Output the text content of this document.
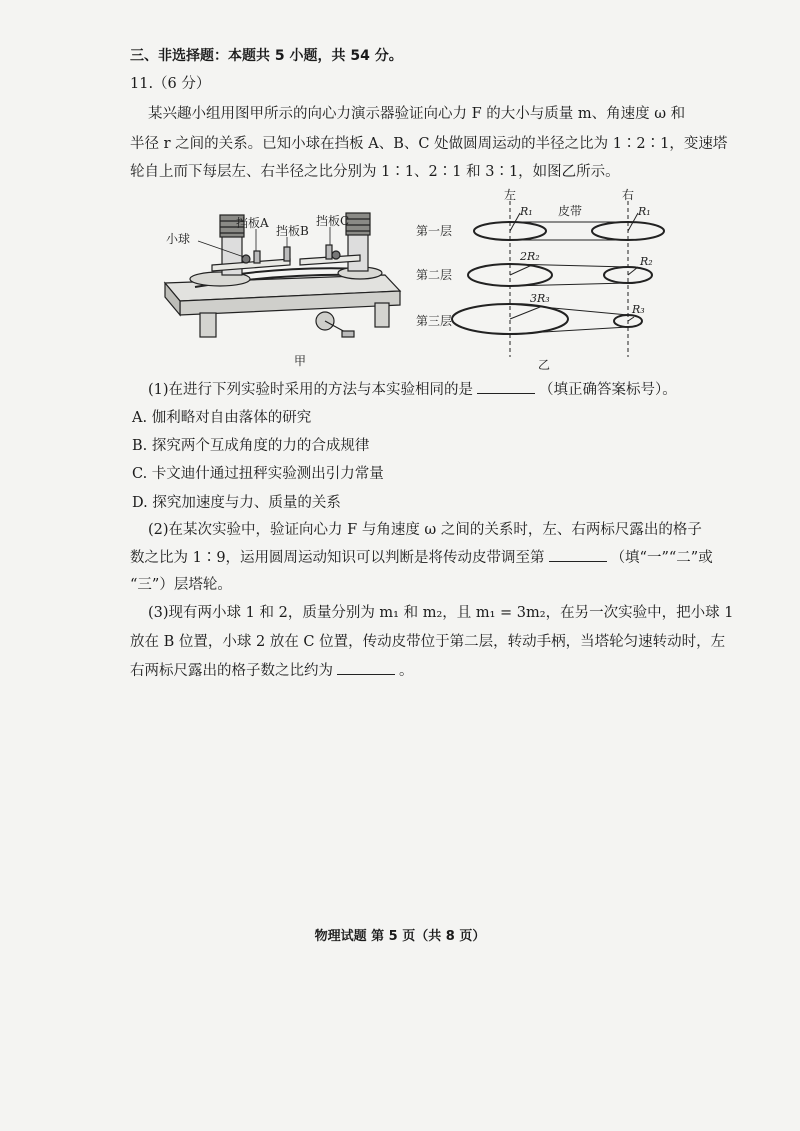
三、非选择题：本题共 5 小题，共 54 分。
11.（6 分）
某兴趣小组用图甲所示的向心力演示器验证向心力 F 的大小与质量 m、角速度 ω 和
半径 r 之间的关系。已知小球在挡板 A、B、C 处做圆周运动的半径之比为 1∶2∶1，变速塔
轮自上而下每层左、右半径之比分别为 1∶1、2∶1 和 3∶1，如图乙所示。
小球
挡板A
挡板B
挡板C
甲
左	右
皮带
第一层
第二层
第三层
R₁	R₁
2R₂	R₂
3R₃
R₃
乙
(1)在进行下列实验时采用的方法与本实验相同的是	（填正确答案标号）。
A. 伽利略对自由落体的研究
B. 探究两个互成角度的力的合成规律
C. 卡文迪什通过扭秤实验测出引力常量
D. 探究加速度与力、质量的关系
(2)在某次实验中，验证向心力 F 与角速度 ω 之间的关系时，左、右两标尺露出的格子
数之比为 1∶9，运用圆周运动知识可以判断是将传动皮带调至第	（填“一”“二”或
“三”）层塔轮。
(3)现有两小球 1 和 2，质量分别为 m₁ 和 m₂，且 m₁ = 3m₂，在另一次实验中，把小球 1
放在 B 位置，小球 2 放在 C 位置，传动皮带位于第二层，转动手柄，当塔轮匀速转动时，左
右两标尺露出的格子数之比约为	。
物理试题 第 5 页（共 8 页）
